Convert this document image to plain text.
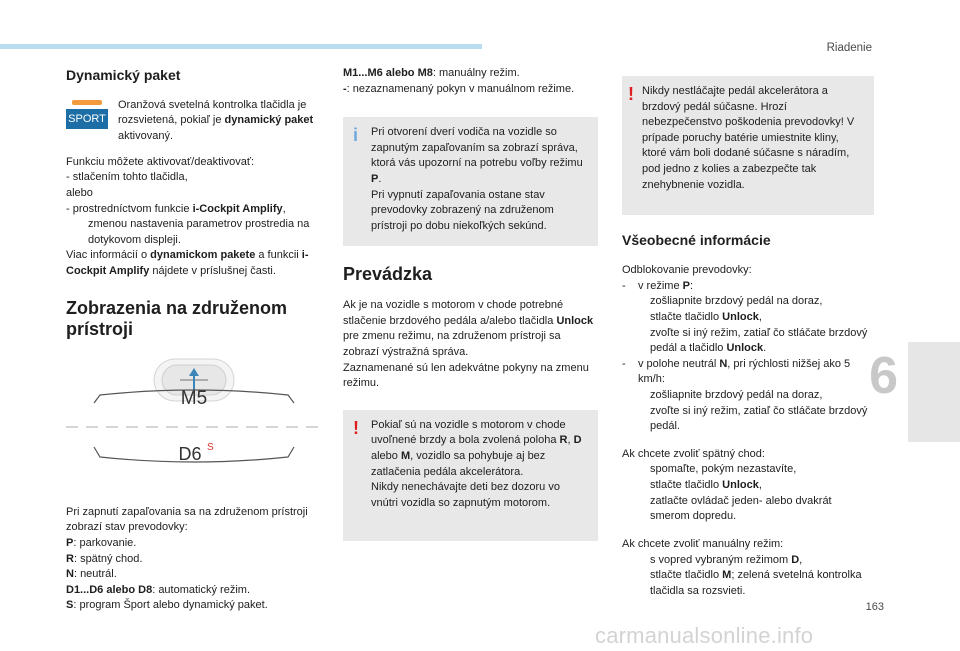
Riadenie
6
Dynamický paket
SPORT

Oranžová svetelná kontrolka tlačidla je rozsvietená, pokiaľ je dynamický paket aktivovaný.

Funkciu môžete aktivovať/deaktivovať:

- stlačením tohto tlačidla,

alebo

- prostredníctvom funkcie i-Cockpit Amplify, zmenou nastavenia parametrov prostredia na dotykovom displeji.

Viac informácií o dynamickom pakete a funkcii i-Cockpit Amplify nájdete v príslušnej časti.

Zobrazenia na združenom prístroji
M5
D6 S

Pri zapnutí zapaľovania sa na združenom prístroji zobrazí stav prevodovky:

P: parkovanie.

R: spätný chod.

N: neutrál.

D1...D6 alebo D8: automatický režim.

S: program Šport alebo dynamický paket.

M1...M6 alebo M8: manuálny režim.

-: nezaznamenaný pokyn v manuálnom režime.

i Pri otvorení dverí vodiča na vozidle so zapnutým zapaľovaním sa zobrazí správa, ktorá vás upozorní na potrebu voľby režimu P.

Pri vypnutí zapaľovania ostane stav prevodovky zobrazený na združenom prístroji po dobu niekoľkých sekúnd.

Prevádzka

Ak je na vozidle s motorom v chode potrebné stlačenie brzdového pedála a/alebo tlačidla Unlock pre zmenu režimu, na združenom prístroji sa zobrazí výstražná správa.

Zaznamenané sú len adekvátne pokyny na zmenu režimu.

! Pokiaľ sú na vozidle s motorom v chode uvoľnené brzdy a bola zvolená poloha R, D alebo M, vozidlo sa pohybuje aj bez zatlačenia pedála akcelerátora.

Nikdy nenechávajte deti bez dozoru vo vnútri vozidla so zapnutým motorom.

! Nikdy nestláčajte pedál akcelerátora a brzdový pedál súčasne. Hrozí nebezpečenstvo poškodenia prevodovky! V prípade poruchy batérie umiestnite kliny, ktoré vám boli dodané súčasne s náradím, pod jedno z kolies a zabezpečte tak znehybnenie vozidla.

Všeobecné informácie

Odblokovanie prevodovky:

- v režime P:
zošliapnite brzdový pedál na doraz,
stlačte tlačidlo Unlock,
zvoľte si iný režim, zatiaľ čo stláčate brzdový pedál a tlačidlo Unlock.
- v polohe neutrál N, pri rýchlosti nižšej ako 5 km/h:
zošliapnite brzdový pedál na doraz,
zvoľte si iný režim, zatiaľ čo stláčate brzdový pedál.

Ak chcete zvoliť spätný chod:

spomaľte, pokým nezastavíte,
stlačte tlačidlo Unlock,
zatlačte ovládač jeden- alebo dvakrát smerom dopredu.

Ak chcete zvoliť manuálny režim:

s vopred vybraným režimom D,
stlačte tlačidlo M; zelená svetelná kontrolka tlačidla sa rozsvieti.
163
carmanualsonline.info
